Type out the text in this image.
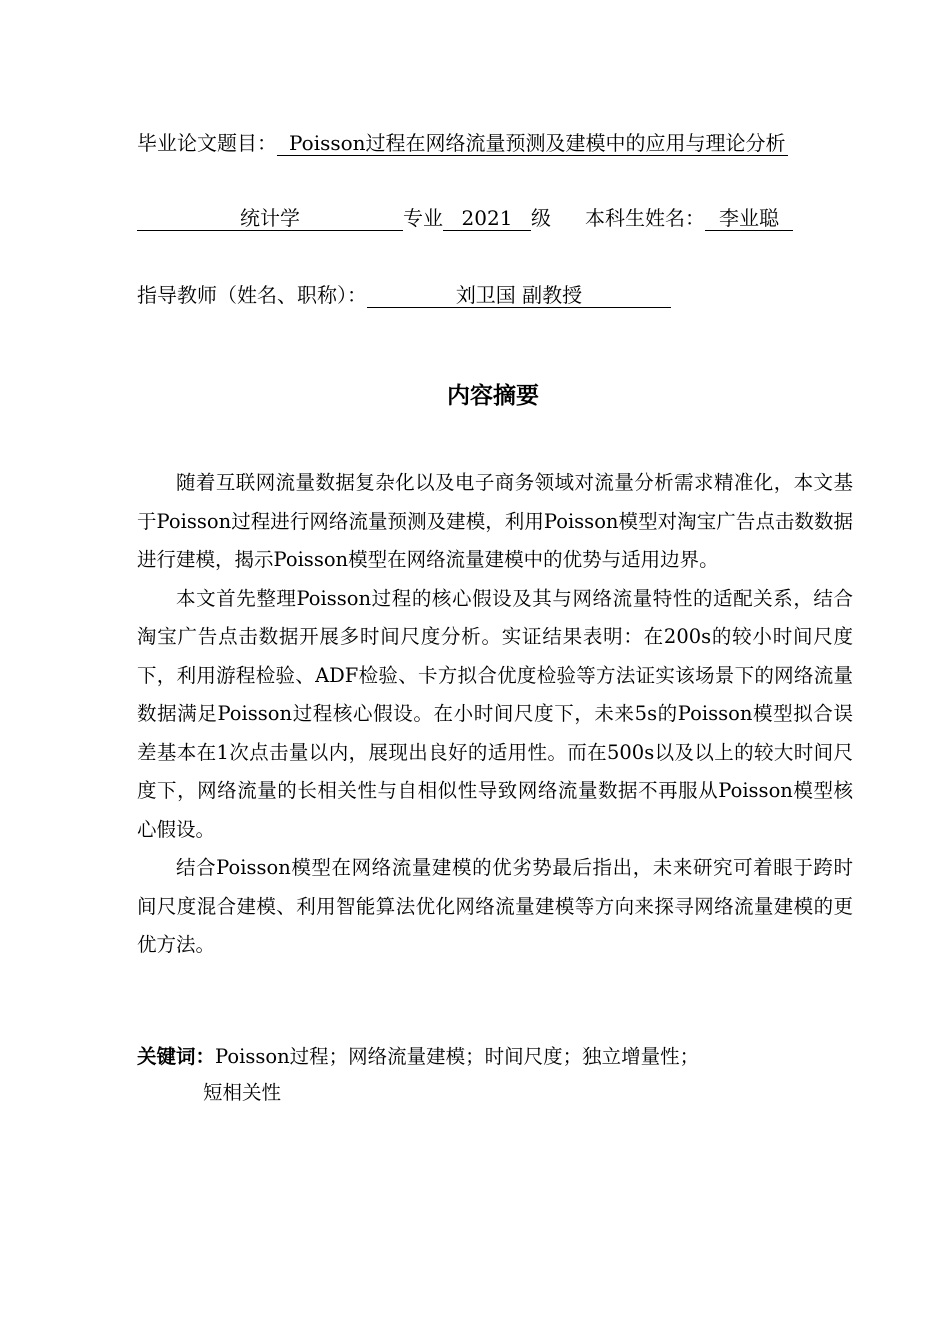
毕业论文题目： Poisson过程在网络流量预测及建模中的应用与理论分析
统计学	专业 2021 级 本科生姓名： 李业聪
指导教师（姓名、职称）：	刘卫国 副教授
内容摘要

随着互联网流量数据复杂化以及电子商务领域对流量分析需求精准化，本文基于Poisson过程进行网络流量预测及建模，利用Poisson模型对淘宝广告点击数数据进行建模，揭示Poisson模型在网络流量建模中的优势与适用边界。

本文首先整理Poisson过程的核心假设及其与网络流量特性的适配关系，结合淘宝广告点击数据开展多时间尺度分析。实证结果表明：在200s的较小时间尺度下，利用游程检验、ADF检验、卡方拟合优度检验等方法证实该场景下的网络流量数据满足Poisson过程核心假设。在小时间尺度下，未来5s的Poisson模型拟合误差基本在1次点击量以内，展现出良好的适用性。而在500s以及以上的较大时间尺度下，网络流量的长相关性与自相似性导致网络流量数据不再服从Poisson模型核心假设。

结合Poisson模型在网络流量建模的优劣势最后指出，未来研究可着眼于跨时间尺度混合建模、利用智能算法优化网络流量建模等方向来探寻网络流量建模的更优方法。

关键词：Poisson过程；网络流量建模；时间尺度；独立增量性；
短相关性
